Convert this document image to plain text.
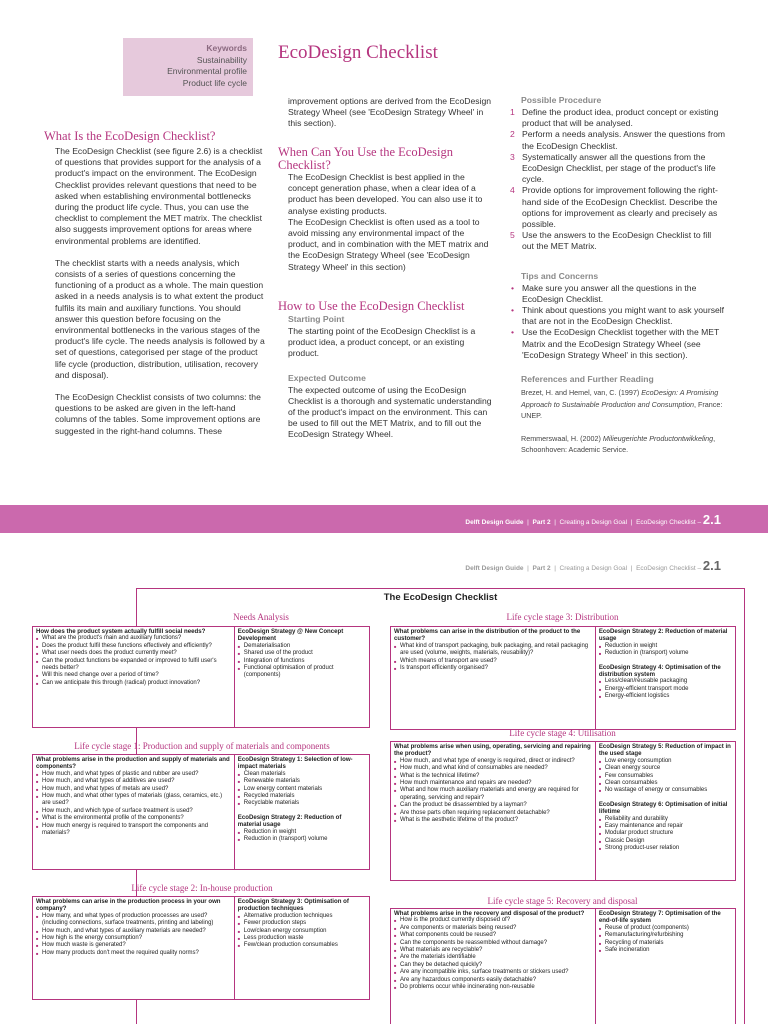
Keywords
Sustainability
Environmental profile
Product life cycle
EcoDesign Checklist
What Is the EcoDesign Checklist?

The EcoDesign Checklist (see figure 2.6) is a checklist of questions that provides support for the analysis of a product's impact on the environment. The EcoDesign Checklist provides relevant questions that need to be asked when establishing environmental bottlenecks during the product life cycle. Thus, you can use the checklist to complement the MET matrix. The checklist also suggests improvement options for areas where environmental problems are identified.

The checklist starts with a needs analysis, which consists of a series of questions concerning the functioning of a product as a whole. The main question asked in a needs analysis is to what extent the product fulfils its main and auxiliary functions. You should answer this question before focusing on the environmental bottlenecks in the various stages of the product's life cycle. The needs analysis is followed by a set of questions, categorised per stage of the product life cycle (production, distribution, utilisation, recovery and disposal).

The EcoDesign Checklist consists of two columns: the questions to be asked are given in the left-hand columns of the tables. Some improvement options are suggested in the right-hand columns. These

improvement options are derived from the EcoDesign Strategy Wheel (see 'EcoDesign Strategy Wheel' in this section).

When Can You Use the EcoDesign Checklist?

The EcoDesign Checklist is best applied in the concept generation phase, when a clear idea of a product has been developed. You can also use it to analyse existing products.

The EcoDesign Checklist is often used as a tool to avoid missing any environmental impact of the product, and in combination with the MET matrix and the EcoDesign Strategy Wheel (see 'EcoDesign Strategy Wheel' in this section)

How to Use the EcoDesign Checklist
Starting Point
The starting point of the EcoDesign Checklist is a product idea, a product concept, or an existing product.
Expected Outcome
The expected outcome of using the EcoDesign Checklist is a thorough and systematic understanding of the product's impact on the environment. This can be used to fill out the MET Matrix, and to fill out the EcoDesign Strategy Wheel.
Possible Procedure
1 Define the product idea, product concept or existing product that will be analysed.
2 Perform a needs analysis. Answer the questions from the EcoDesign Checklist.
3 Systematically answer all the questions from the EcoDesign Checklist, per stage of the product's life cycle.
4 Provide options for improvement following the right-hand side of the EcoDesign Checklist. Describe the options for improvement as clearly and precisely as possible.
5 Use the answers to the EcoDesign Checklist to fill out the MET Matrix.
Tips and Concerns
• Make sure you answer all the questions in the EcoDesign Checklist.
• Think about questions you might want to ask yourself that are not in the EcoDesign Checklist.
• Use the EcoDesign Checklist together with the MET Matrix and the EcoDesign Strategy Wheel (see 'EcoDesign Strategy Wheel' in this section).
References and Further Reading
Brezet, H. and Hemel, van, C. (1997) EcoDesign: A Promising Approach to Sustainable Production and Consumption, France: UNEP.
Remmerswaal, H. (2002) Milieugerichte Productontwikkeling, Schoonhoven: Academic Service.
Delft Design Guide | Part 2 | Creating a Design Goal | EcoDesign Checklist – 2.1
Delft Design Guide | Part 2 | Creating a Design Goal | EcoDesign Checklist – 2.1
The EcoDesign Checklist
Needs Analysis
How does the product system actually fulfill social needs?
■ What are the product's main and auxiliary functions?
■ Does the product fulfil these functions effectively and efficiently?
■ What user needs does the product currently meet?
■ Can the product functions be expanded or improved to fulfil user's needs better?
■ Will this need change over a period of time?
■ Can we anticipate this through (radical) product innovation?
EcoDesign Strategy @ New Concept Development
■ Dematerialisation
■ Shared use of the product
■ Integration of functions
■ Functional optimisation of product (components)
Life cycle stage 1: Production and supply of materials and components
What problems arise in the production and supply of materials and components?
■ How much, and what types of plastic and rubber are used?
■ How much, and what types of additives are used?
■ How much, and what types of metals are used?
■ How much, and what other types of materials (glass, ceramics, etc.) are used?
■ How much, and which type of surface treatment is used?
■ What is the environmental profile of the components?
■ How much energy is required to transport the components and materials?
EcoDesign Strategy 1: Selection of low-impact materials
■ Clean materials
■ Renewable materials
■ Low energy content materials
■ Recycled materials
■ Recyclable materials
EcoDesign Strategy 2: Reduction of material usage
■ Reduction in weight
■ Reduction in (transport) volume
Life cycle stage 2: In-house production
What problems can arise in the production process in your own company?
■ How many, and what types of production processes are used? (including connections, surface treatments, printing and labeling)
■ How much, and what types of auxiliary materials are needed?
■ How high is the energy consumption?
■ How much waste is generated?
■ How many products don't meet the required quality norms?
EcoDesign Strategy 3: Optimisation of production techniques
■ Alternative production techniques
■ Fewer production steps
■ Low/clean energy consumption
■ Less production waste
■ Few/clean production consumables
Life cycle stage 3: Distribution
What problems can arise in the distribution of the product to the customer?
■ What kind of transport packaging, bulk packaging, and retail packaging are used (volume, weights, materials, reusability)?
■ Which means of transport are used?
■ Is transport efficiently organised?
EcoDesign Strategy 2: Reduction of material usage
■ Reduction in weight
■ Reduction in (transport) volume
EcoDesign Strategy 4: Optimisation of the distribution system
■ Less/clean/reusable packaging
■ Energy-efficient transport mode
■ Energy-efficient logistics
Life cycle stage 4: Utilisation
What problems arise when using, operating, servicing and repairing the product?
■ How much, and what type of energy is required, direct or indirect?
■ How much, and what kind of consumables are needed?
■ What is the technical lifetime?
■ How much maintenance and repairs are needed?
■ What and how much auxiliary materials and energy are required for operating, servicing and repair?
■ Can the product be disassembled by a layman?
■ Are those parts often requiring replacement detachable?
■ What is the aesthetic lifetime of the product?
EcoDesign Strategy 5: Reduction of impact in the used stage
■ Low energy consumption
■ Clean energy source
■ Few consumables
■ Clean consumables
■ No wastage of energy or consumables
EcoDesign Strategy 6: Optimisation of initial lifetime
■ Reliability and durability
■ Easy maintenance and repair
■ Modular product structure
■ Classic Design
■ Strong product-user relation
Life cycle stage 5: Recovery and disposal
What problems arise in the recovery and disposal of the product?
■ How is the product currently disposed of?
■ Are components or materials being reused?
■ What components could be reused?
■ Can the components be reassembled without damage?
■ What materials are recyclable?
■ Are the materials identifiable
■ Can they be detached quickly?
■ Are any incompatible inks, surface treatments or stickers used?
■ Are any hazardous components easily detachable?
■ Do problems occur while incinerating non-reusable
EcoDesign Strategy 7: Optimisation of the end-of-life system
■ Reuse of product (components)
■ Remanufacturing/refurbishing
■ Recycling of materials
■ Safe incineration
